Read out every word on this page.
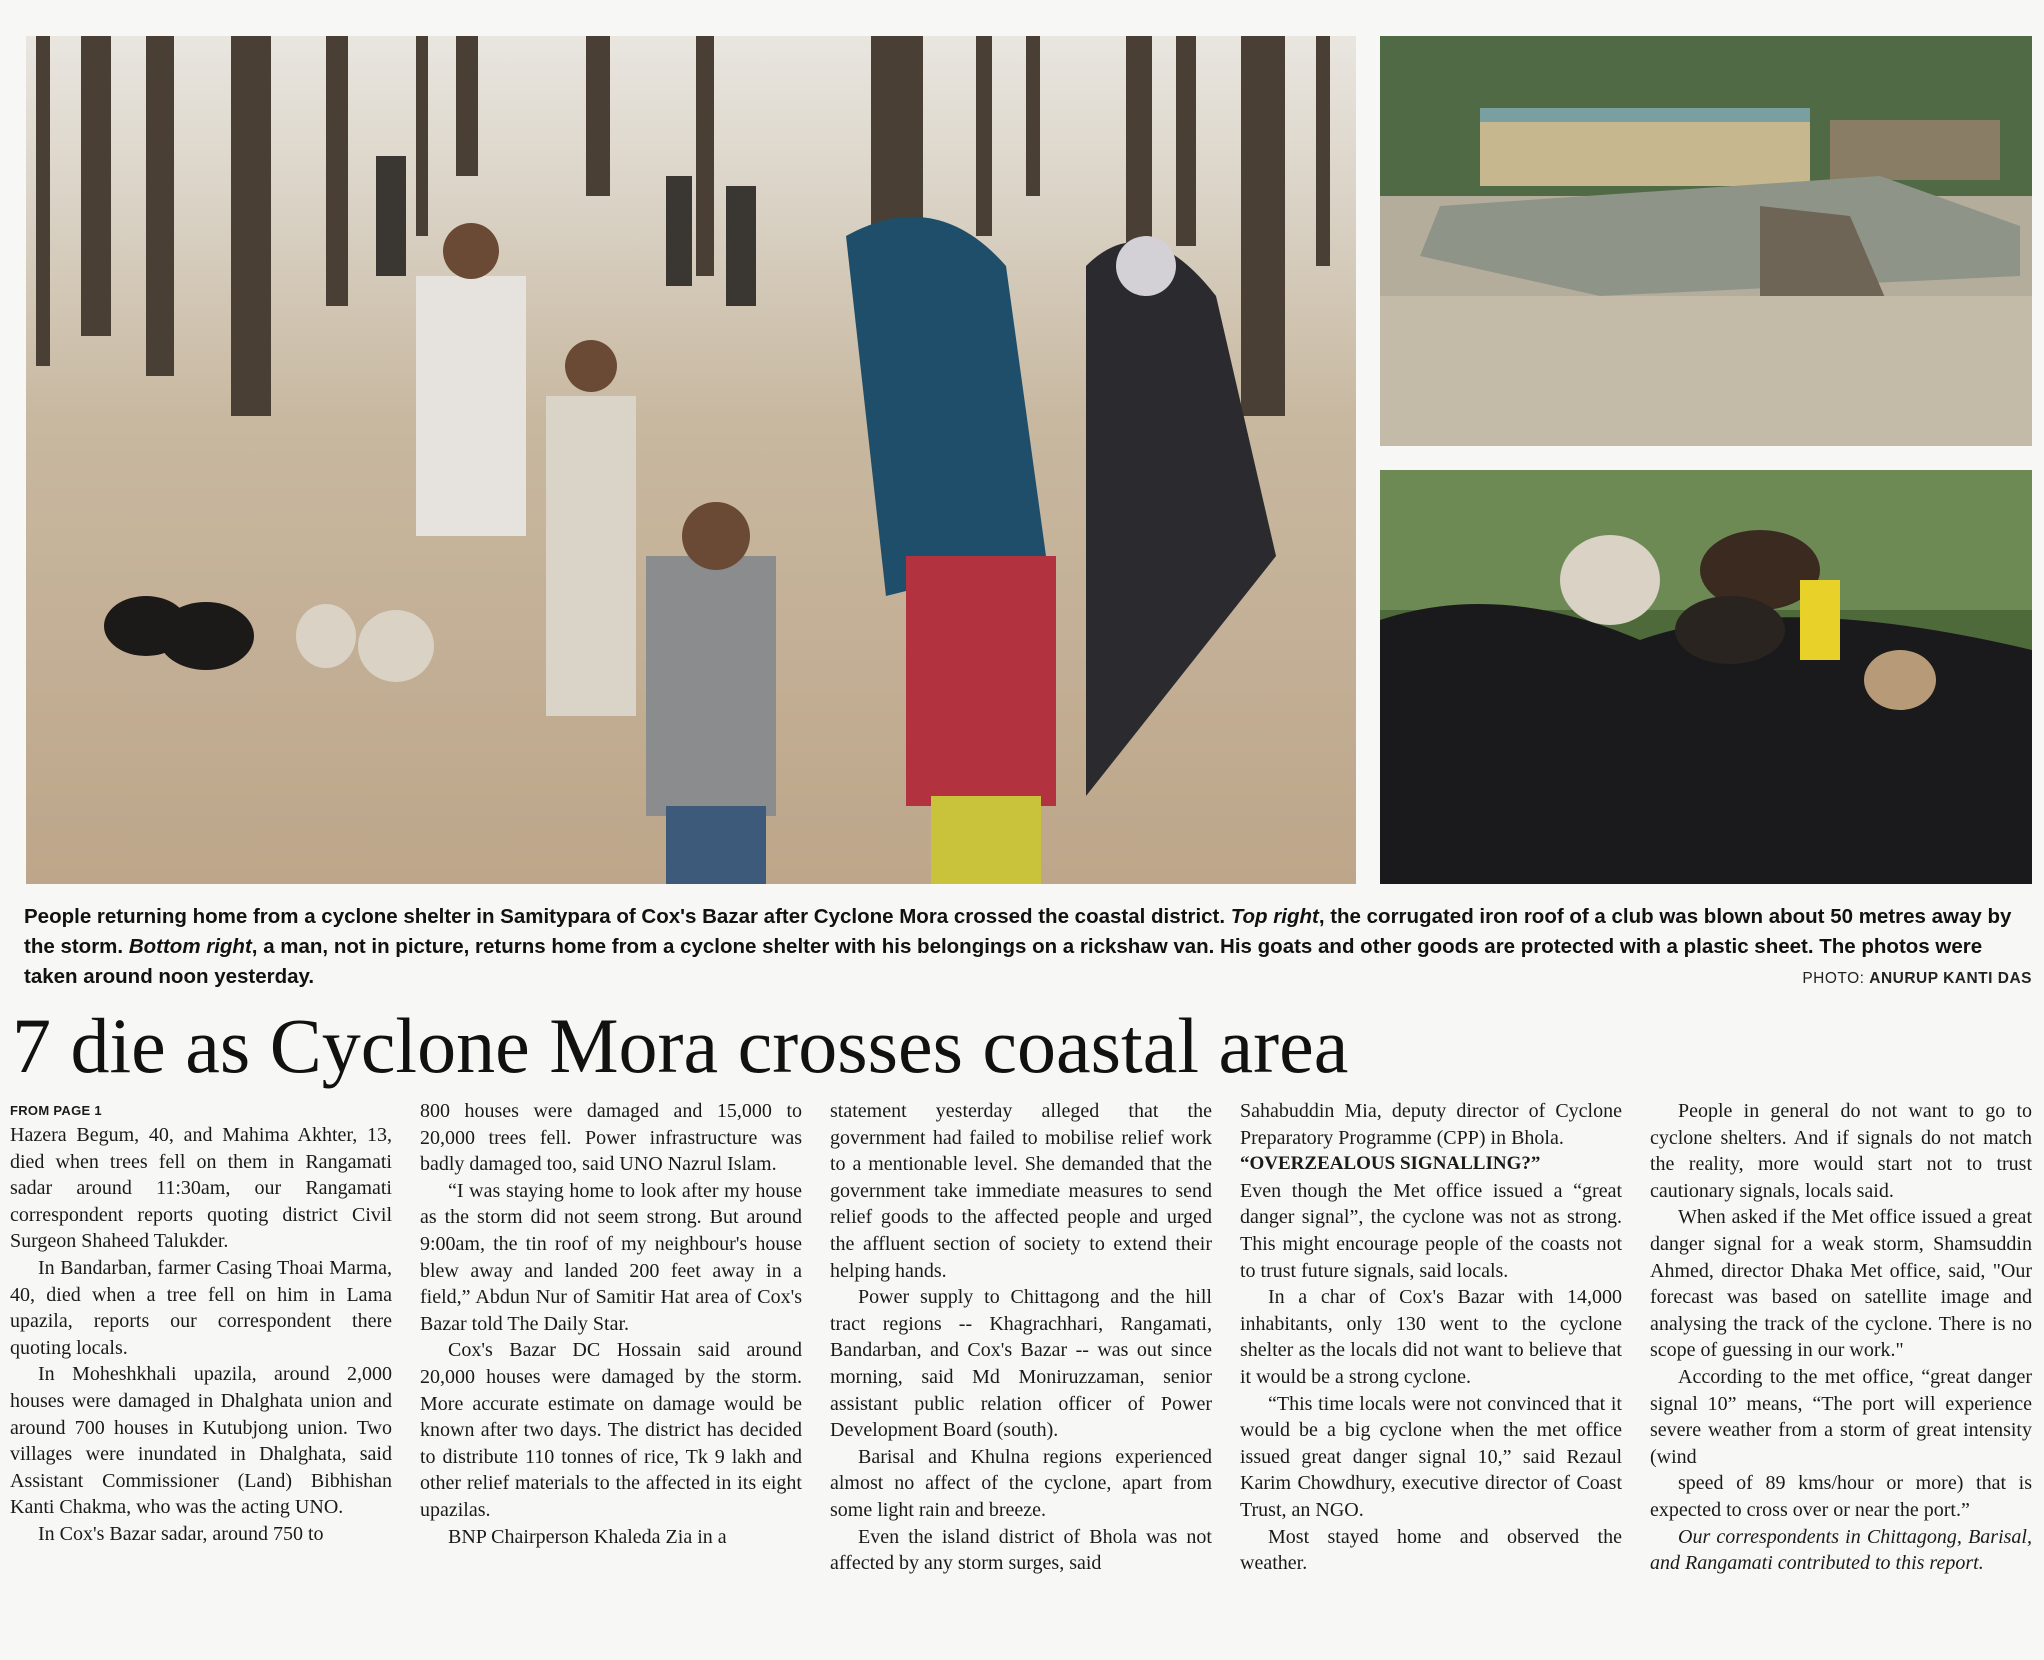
People returning home from a cyclone shelter in Samitypara of Cox's Bazar after Cyclone Mora crossed the coastal district. Top right, the corrugated iron roof of a club was blown about 50 metres away by the storm. Bottom right, a man, not in picture, returns home from a cyclone shelter with his belongings on a rickshaw van. His goats and other goods are protected with a plastic sheet. The photos were taken around noon yesterday.	PHOTO: ANURUP KANTI DAS
7 die as Cyclone Mora crosses coastal area
FROM PAGE 1

Hazera Begum, 40, and Mahima Akhter, 13, died when trees fell on them in Rangamati sadar around 11:30am, our Rangamati correspondent reports quoting district Civil Surgeon Shaheed Talukder.

In Bandarban, farmer Casing Thoai Marma, 40, died when a tree fell on him in Lama upazila, reports our correspondent there quoting locals.

In Moheshkhali upazila, around 2,000 houses were damaged in Dhalghata union and around 700 houses in Kutubjong union. Two villages were inundated in Dhalghata, said Assistant Commissioner (Land) Bibhishan Kanti Chakma, who was the acting UNO.

In Cox's Bazar sadar, around 750 to

800 houses were damaged and 15,000 to 20,000 trees fell. Power infrastructure was badly damaged too, said UNO Nazrul Islam.

“I was staying home to look after my house as the storm did not seem strong. But around 9:00am, the tin roof of my neighbour's house blew away and landed 200 feet away in a field,” Abdun Nur of Samitir Hat area of Cox's Bazar told The Daily Star.

Cox's Bazar DC Hossain said around 20,000 houses were damaged by the storm. More accurate estimate on damage would be known after two days. The district has decided to distribute 110 tonnes of rice, Tk 9 lakh and other relief materials to the affected in its eight upazilas.

BNP Chairperson Khaleda Zia in a

statement yesterday alleged that the government had failed to mobilise relief work to a mentionable level. She demanded that the government take immediate measures to send relief goods to the affected people and urged the affluent section of society to extend their helping hands.

Power supply to Chittagong and the hill tract regions -- Khagrachhari, Rangamati, Bandarban, and Cox's Bazar -- was out since morning, said Md Moniruzzaman, senior assistant public relation officer of Power Development Board (south).

Barisal and Khulna regions experienced almost no affect of the cyclone, apart from some light rain and breeze.

Even the island district of Bhola was not affected by any storm surges, said

Sahabuddin Mia, deputy director of Cyclone Preparatory Programme (CPP) in Bhola.

“OVERZEALOUS SIGNALLING?”

Even though the Met office issued a “great danger signal”, the cyclone was not as strong. This might encourage people of the coasts not to trust future signals, said locals.

In a char of Cox's Bazar with 14,000 inhabitants, only 130 went to the cyclone shelter as the locals did not want to believe that it would be a strong cyclone.

“This time locals were not convinced that it would be a big cyclone when the met office issued great danger signal 10,” said Rezaul Karim Chowdhury, executive director of Coast Trust, an NGO.

Most stayed home and observed the weather.

People in general do not want to go to cyclone shelters. And if signals do not match the reality, more would start not to trust cautionary signals, locals said.

When asked if the Met office issued a great danger signal for a weak storm, Shamsuddin Ahmed, director Dhaka Met office, said, "Our forecast was based on satellite image and analysing the track of the cyclone. There is no scope of guessing in our work."

According to the met office, “great danger signal 10” means, “The port will experience severe weather from a storm of great intensity (wind

speed of 89 kms/hour or more) that is expected to cross over or near the port.”

Our correspondents in Chittagong, Barisal, and Rangamati contributed to this report.
